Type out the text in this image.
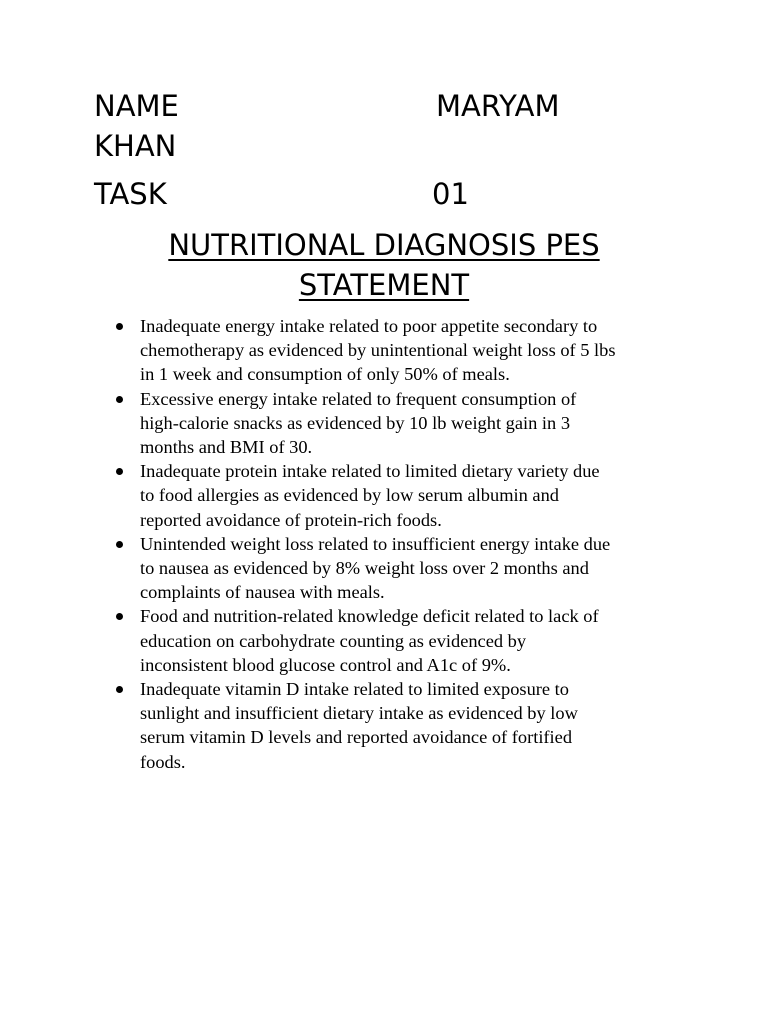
NAME	MARYAM
KHAN
TASK	01
NUTRITIONAL DIAGNOSIS PES
STATEMENT
Inadequate energy intake related to poor appetite secondary to
chemotherapy as evidenced by unintentional weight loss of 5 lbs
in 1 week and consumption of only 50% of meals.
Excessive energy intake related to frequent consumption of
high-calorie snacks as evidenced by 10 lb weight gain in 3
months and BMI of 30.
Inadequate protein intake related to limited dietary variety due
to food allergies as evidenced by low serum albumin and
reported avoidance of protein-rich foods.
Unintended weight loss related to insufficient energy intake due
to nausea as evidenced by 8% weight loss over 2 months and
complaints of nausea with meals.
Food and nutrition-related knowledge deficit related to lack of
education on carbohydrate counting as evidenced by
inconsistent blood glucose control and A1c of 9%.
Inadequate vitamin D intake related to limited exposure to
sunlight and insufficient dietary intake as evidenced by low
serum vitamin D levels and reported avoidance of fortified
foods.
